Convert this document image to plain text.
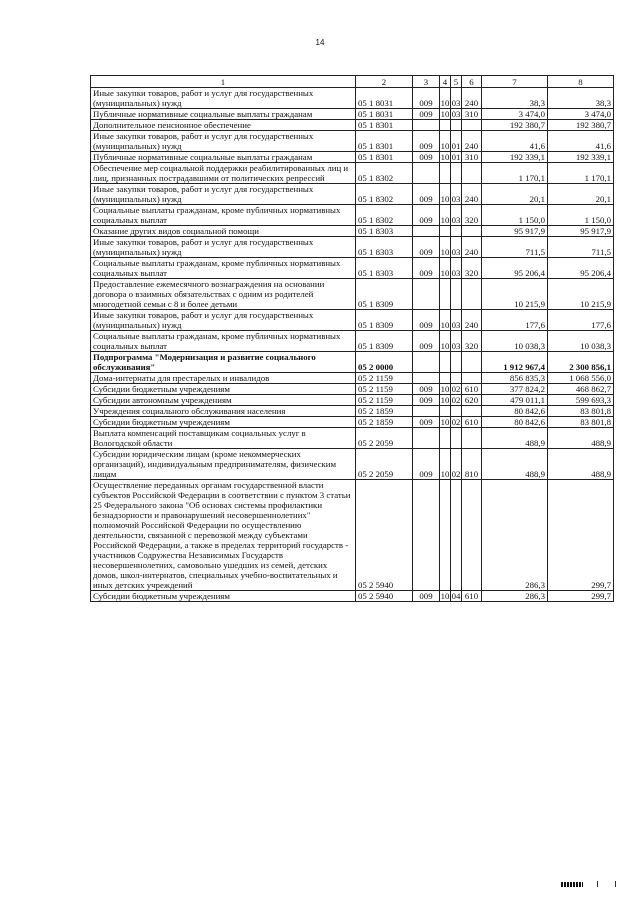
14
1	2	3	4	5	6	7	8
Иные закупки товаров, работ и услуг для государственных (муниципальных) нужд	05 1 8031	009	10	03	240	38,3	38,3
Публичные нормативные социальные выплаты гражданам	05 1 8031	009	10	03	310	3 474,0	3 474,0
Дополнительное пенсионное обеспечение	05 1 8301					192 380,7	192 380,7
Иные закупки товаров, работ и услуг для государственных (муниципальных) нужд	05 1 8301	009	10	01	240	41,6	41,6
Публичные нормативные социальные выплаты гражданам	05 1 8301	009	10	01	310	192 339,1	192 339,1
Обеспечение мер социальной поддержки реабилитированных лиц и лиц, признанных пострадавшими от политических репрессий	05 1 8302					1 170,1	1 170,1
Иные закупки товаров, работ и услуг для государственных (муниципальных) нужд	05 1 8302	009	10	03	240	20,1	20,1
Социальные выплаты гражданам, кроме публичных нормативных социальных выплат	05 1 8302	009	10	03	320	1 150,0	1 150,0
Оказание других видов социальной помощи	05 1 8303					95 917,9	95 917,9
Иные закупки товаров, работ и услуг для государственных (муниципальных) нужд	05 1 8303	009	10	03	240	711,5	711,5
Социальные выплаты гражданам, кроме публичных нормативных социальных выплат	05 1 8303	009	10	03	320	95 206,4	95 206,4
Предоставление ежемесячного вознаграждения на основании договора о взаимных обязательствах с одним из родителей многодетной семьи с 8 и более детьми	05 1 8309					10 215,9	10 215,9
Иные закупки товаров, работ и услуг для государственных (муниципальных) нужд	05 1 8309	009	10	03	240	177,6	177,6
Социальные выплаты гражданам, кроме публичных нормативных социальных выплат	05 1 8309	009	10	03	320	10 038,3	10 038,3
Подпрограмма "Модернизация и развитие социального обслуживания"	05 2 0000					1 912 967,4	2 300 856,1
Дома-интернаты для престарелых и инвалидов	05 2 1159					856 835,3	1 068 556,0
Субсидии бюджетным учреждениям	05 2 1159	009	10	02	610	377 824,2	468 862,7
Субсидии автономным учреждениям	05 2 1159	009	10	02	620	479 011,1	599 693,3
Учреждения социального обслуживания населения	05 2 1859					80 842,6	83 801,8
Субсидии бюджетным учреждениям	05 2 1859	009	10	02	610	80 842,6	83 801,8
Выплата компенсаций поставщикам социальных услуг в Вологодской области	05 2 2059					488,9	488,9
Субсидии юридическим лицам (кроме некоммерческих организаций), индивидуальным предпринимателям, физическим лицам	05 2 2059	009	10	02	810	488,9	488,9
Осуществление переданных органам государственной власти субъектов Российской Федерации в соответствии с пунктом 3 статьи 25 Федерального закона "Об основах системы профилактики безнадзорности и правонарушений несовершеннолетних" полномочий Российской Федерации по осуществлению деятельности, связанной с перевозкой между субъектами Российской Федерации, а также в пределах территорий государств - участников Содружества Независимых Государств несовершеннолетних, самовольно ушедших из семей, детских домов, школ-интернатов, специальных учебно-воспитательных и иных детских учреждений	05 2 5940					286,3	299,7
Субсидии бюджетным учреждениям	05 2 5940	009	10	04	610	286,3	299,7
